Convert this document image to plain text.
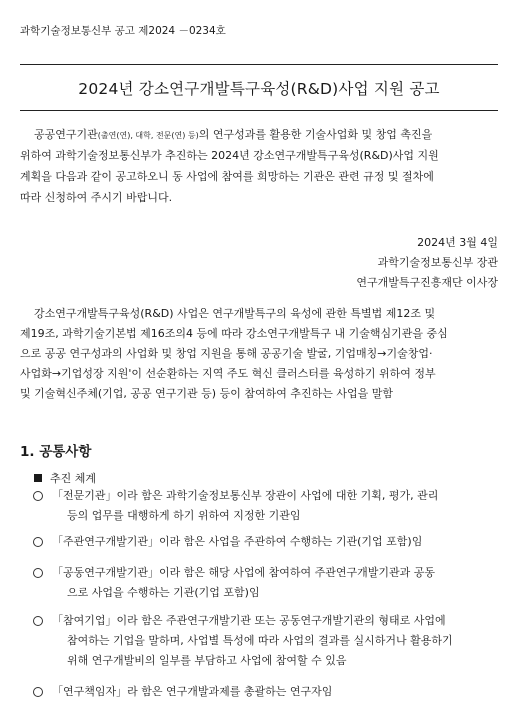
과학기술정보통신부 공고 제2024 －0234호
2024년 강소연구개발특구육성(R&D)사업 지원 공고
공공연구기관(출연(연), 대학, 전문(연) 등)의 연구성과를 활용한 기술사업화 및 창업 촉진을
위하여 과학기술정보통신부가 추진하는 2024년 강소연구개발특구육성(R&D)사업 지원
계획을 다음과 같이 공고하오니 동 사업에 참여를 희망하는 기관은 관련 규정 및 절차에
따라 신청하여 주시기 바랍니다.
2024년 3월 4일
과학기술정보통신부 장관
연구개발특구진흥재단 이사장
강소연구개발특구육성(R&D) 사업은 연구개발특구의 육성에 관한 특별법 제12조 및
제19조, 과학기술기본법 제16조의4 등에 따라 강소연구개발특구 내 기술핵심기관을 중심
으로 공공 연구성과의 사업화 및 창업 지원을 통해 공공기술 발굴, 기업매칭→기술창업·
사업화→기업성장 지원'이 선순환하는 지역 주도 혁신 클러스터를 육성하기 위하여 정부
및 기술혁신주체(기업, 공공 연구기관 등) 등이 참여하여 추진하는 사업을 말함
1. 공통사항
추진 체계
「전문기관」이라 함은 과학기술정보통신부 장관이 사업에 대한 기획, 평가, 관리
등의 업무를 대행하게 하기 위하여 지정한 기관임
「주관연구개발기관」이라 함은 사업을 주관하여 수행하는 기관(기업 포함)임
「공동연구개발기관」이라 함은 해당 사업에 참여하여 주관연구개발기관과 공동
으로 사업을 수행하는 기관(기업 포함)임
「참여기업」이라 함은 주관연구개발기관 또는 공동연구개발기관의 형태로 사업에
참여하는 기업을 말하며, 사업별 특성에 따라 사업의 결과를 실시하거나 활용하기
위해 연구개발비의 일부를 부담하고 사업에 참여할 수 있음
「연구책임자」라 함은 연구개발과제를 총괄하는 연구자임
